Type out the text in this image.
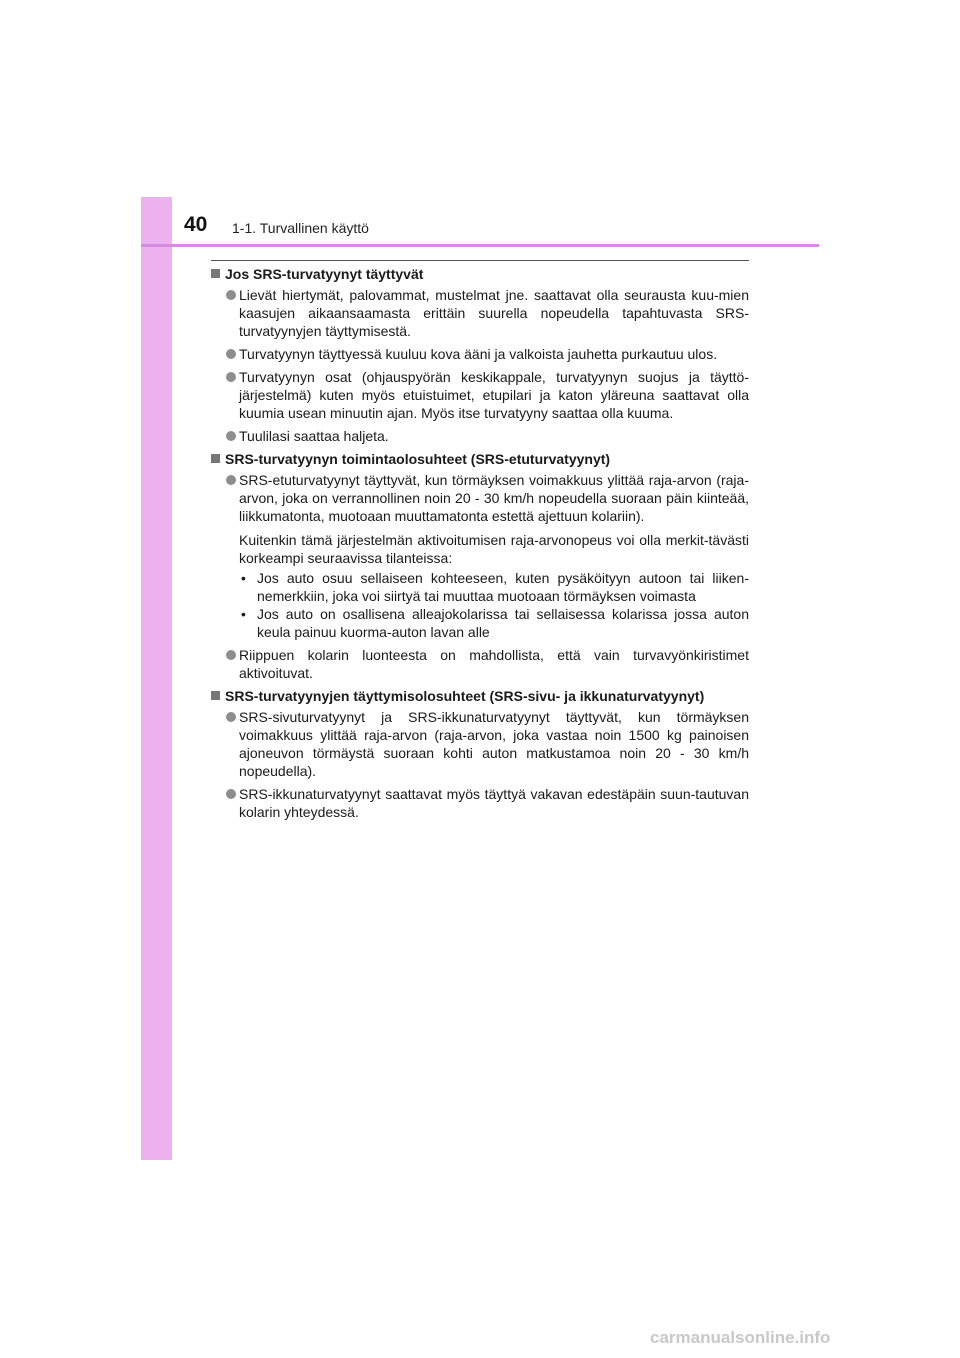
40 1-1. Turvallinen käyttö
Jos SRS-turvatyynyt täyttyvät
Lievät hiertymät, palovammat, mustelmat jne. saattavat olla seurausta kuu-mien kaasujen aikaansaamasta erittäin suurella nopeudella tapahtuvasta SRS-turvatyynyjen täyttymisestä.
Turvatyynyn täyttyessä kuuluu kova ääni ja valkoista jauhetta purkautuu ulos.
Turvatyynyn osat (ohjauspyörän keskikappale, turvatyynyn suojus ja täyttö-järjestelmä) kuten myös etuistuimet, etupilari ja katon yläreuna saattavat olla kuumia usean minuutin ajan. Myös itse turvatyyny saattaa olla kuuma.
Tuulilasi saattaa haljeta.
SRS-turvatyynyn toimintaolosuhteet (SRS-etuturvatyynyt)
SRS-etuturvatyynyt täyttyvät, kun törmäyksen voimakkuus ylittää raja-arvon (raja-arvon, joka on verrannollinen noin 20 - 30 km/h nopeudella suoraan päin kiinteää, liikkumatonta, muotoaan muuttamatonta estettä ajettuun kolariin).
Kuitenkin tämä järjestelmän aktivoitumisen raja-arvonopeus voi olla merkit-tävästi korkeampi seuraavissa tilanteissa:
• Jos auto osuu sellaiseen kohteeseen, kuten pysäköityyn autoon tai liiken-nemerkkiin, joka voi siirtyä tai muuttaa muotoaan törmäyksen voimasta
• Jos auto on osallisena alleajokolarissa tai sellaisessa kolarissa jossa auton keula painuu kuorma-auton lavan alle
Riippuen kolarin luonteesta on mahdollista, että vain turvavyönkiristimet aktivoituvat.
SRS-turvatyynyjen täyttymisolosuhteet (SRS-sivu- ja ikkunaturvatyynyt)
SRS-sivuturvatyynyt ja SRS-ikkunaturvatyynyt täyttyvät, kun törmäyksen voimakkuus ylittää raja-arvon (raja-arvon, joka vastaa noin 1500 kg painoisen ajoneuvon törmäystä suoraan kohti auton matkustamoa noin 20 - 30 km/h nopeudella).
SRS-ikkunaturvatyynyt saattavat myös täyttyä vakavan edestäpäin suun-tautuvan kolarin yhteydessä.
carmanualsonline.info
